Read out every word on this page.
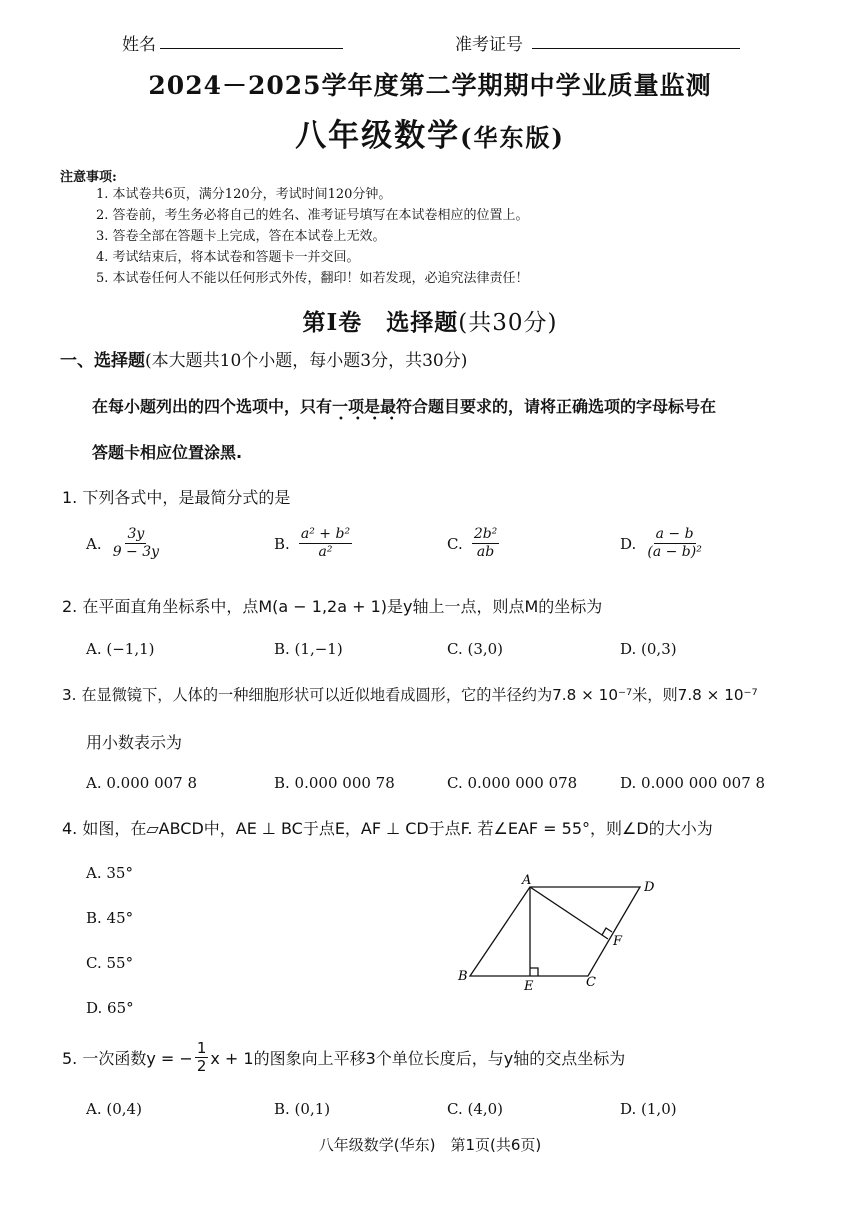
姓名	准考证号
2024－2025学年度第二学期期中学业质量监测
八年级数学(华东版)
注意事项:
1. 本试卷共6页，满分120分，考试时间120分钟。
2. 答卷前，考生务必将自己的姓名、准考证号填写在本试卷相应的位置上。
3. 答卷全部在答题卡上完成，答在本试卷上无效。
4. 考试结束后，将本试卷和答题卡一并交回。
5. 本试卷任何人不能以任何形式外传，翻印！如若发现，必追究法律责任！
第Ⅰ卷　选择题(共30分)
一、选择题(本大题共10个小题，每小题3分，共30分)
在每小题列出的四个选项中，只有一项是最符合题目要求的，请将正确选项的字母标号在
••••
答题卡相应位置涂黑.
1. 下列各式中，是最简分式的是
A. $\frac{3y}{9 - 3y}$	B. $\frac{\text{a² + b²}}{\text{a²}}$	C. $\frac{\text{2b²}}{ab}$	D. $\frac{a - b}{\text{(a − b)²}}$
2. 在平面直角坐标系中，点M(a − 1,2a + 1)是y轴上一点，则点M的坐标为
A. (−1,1)	B. (1,−1)	C. (3,0)	D. (0,3)
3. 在显微镜下，人体的一种细胞形状可以近似地看成圆形，它的半径约为7.8 × 10⁻⁷米，则7.8 × 10⁻⁷
用小数表示为
A. 0.000 007 8	B. 0.000 000 78	C. 0.000 000 078	D. 0.000 000 007 8
4. 如图，在▱ABCD中，AE ⊥ BC于点E，AF ⊥ CD于点F. 若∠EAF = 55°，则∠D的大小为
A. 35°
B. 45°
C. 55°
D. 65°
A	D
F
B
E	C
5. 一次函数y = − $\frac{1}{2}$ x + 1的图象向上平移3个单位长度后，与y轴的交点坐标为
A. (0,4)	B. (0,1)	C. (4,0)	D. (1,0)
八年级数学(华东)　第1页(共6页)
